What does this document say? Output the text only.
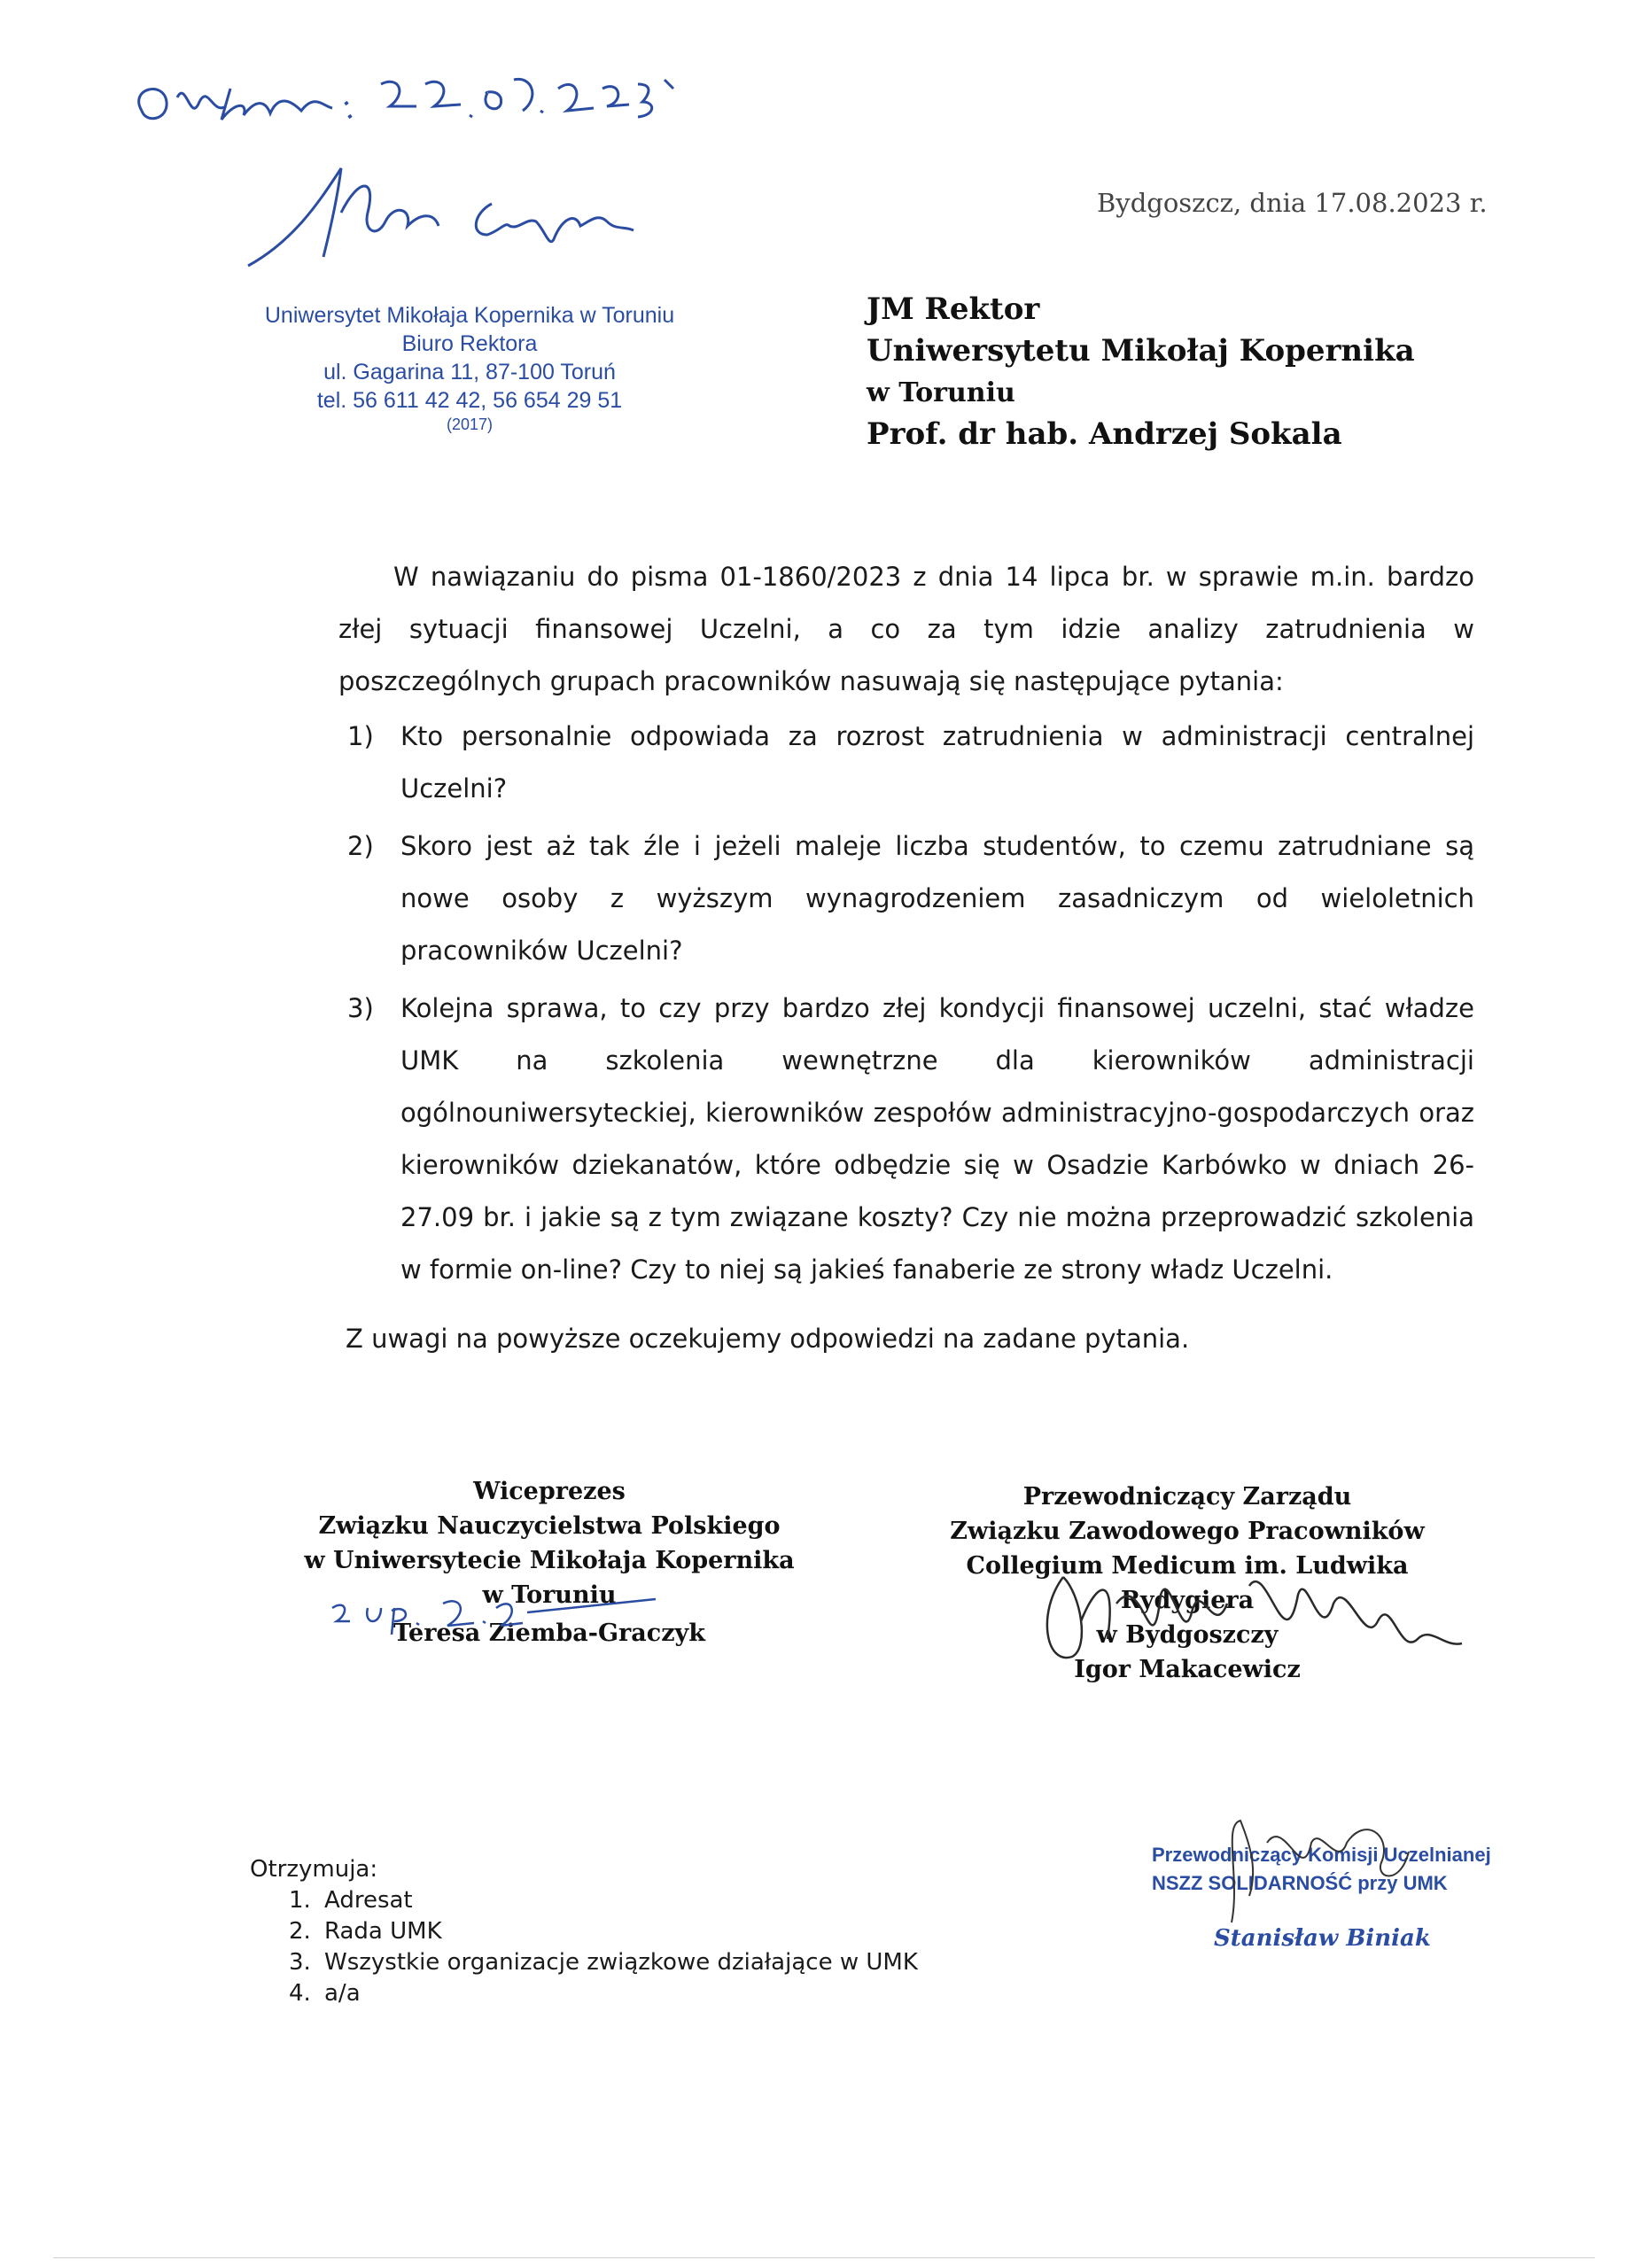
Uniwersytet Mikołaja Kopernika w Toruniu
Biuro Rektora
ul. Gagarina 11, 87-100 Toruń
tel. 56 611 42 42, 56 654 29 51
(2017)
Bydgoszcz, dnia 17.08.2023 r.
JM Rektor
Uniwersytetu Mikołaj Kopernika
w Toruniu
Prof. dr hab. Andrzej Sokala
W nawiązaniu do pisma 01-1860/2023 z dnia 14 lipca br. w sprawie m.in. bardzo złej sytuacji finansowej Uczelni, a co za tym idzie analizy zatrudnienia w poszczególnych grupach pracowników nasuwają się następujące pytania:
1) Kto personalnie odpowiada za rozrost zatrudnienia w administracji centralnej Uczelni?
2) Skoro jest aż tak źle i jeżeli maleje liczba studentów, to czemu zatrudniane są nowe osoby z wyższym wynagrodzeniem zasadniczym od wieloletnich pracowników Uczelni?
3) Kolejna sprawa, to czy przy bardzo złej kondycji finansowej uczelni, stać władze UMK na szkolenia wewnętrzne dla kierowników administracji ogólnouniwersyteckiej, kierowników zespołów administracyjno-gospodarczych oraz kierowników dziekanatów, które odbędzie się w Osadzie Karbówko w dniach 26-27.09 br. i jakie są z tym związane koszty? Czy nie można przeprowadzić szkolenia w formie on-line? Czy to niej są jakieś fanaberie ze strony władz Uczelni.
Z uwagi na powyższe oczekujemy odpowiedzi na zadane pytania.
Wiceprezes
Związku Nauczycielstwa Polskiego
w Uniwersytecie Mikołaja Kopernika
w Toruniu
Teresa Ziemba-Graczyk
Przewodniczący Zarządu
Związku Zawodowego Pracowników
Collegium Medicum im. Ludwika Rydygiera
w Bydgoszczy
Igor Makacewicz
Przewodniczący Komisji Uczelnianej
NSZZ SOLIDARNOŚĆ przy UMK
Stanisław Biniak
Otrzymuja:
1. Adresat
2. Rada UMK
3. Wszystkie organizacje związkowe działające w UMK
4. a/a
